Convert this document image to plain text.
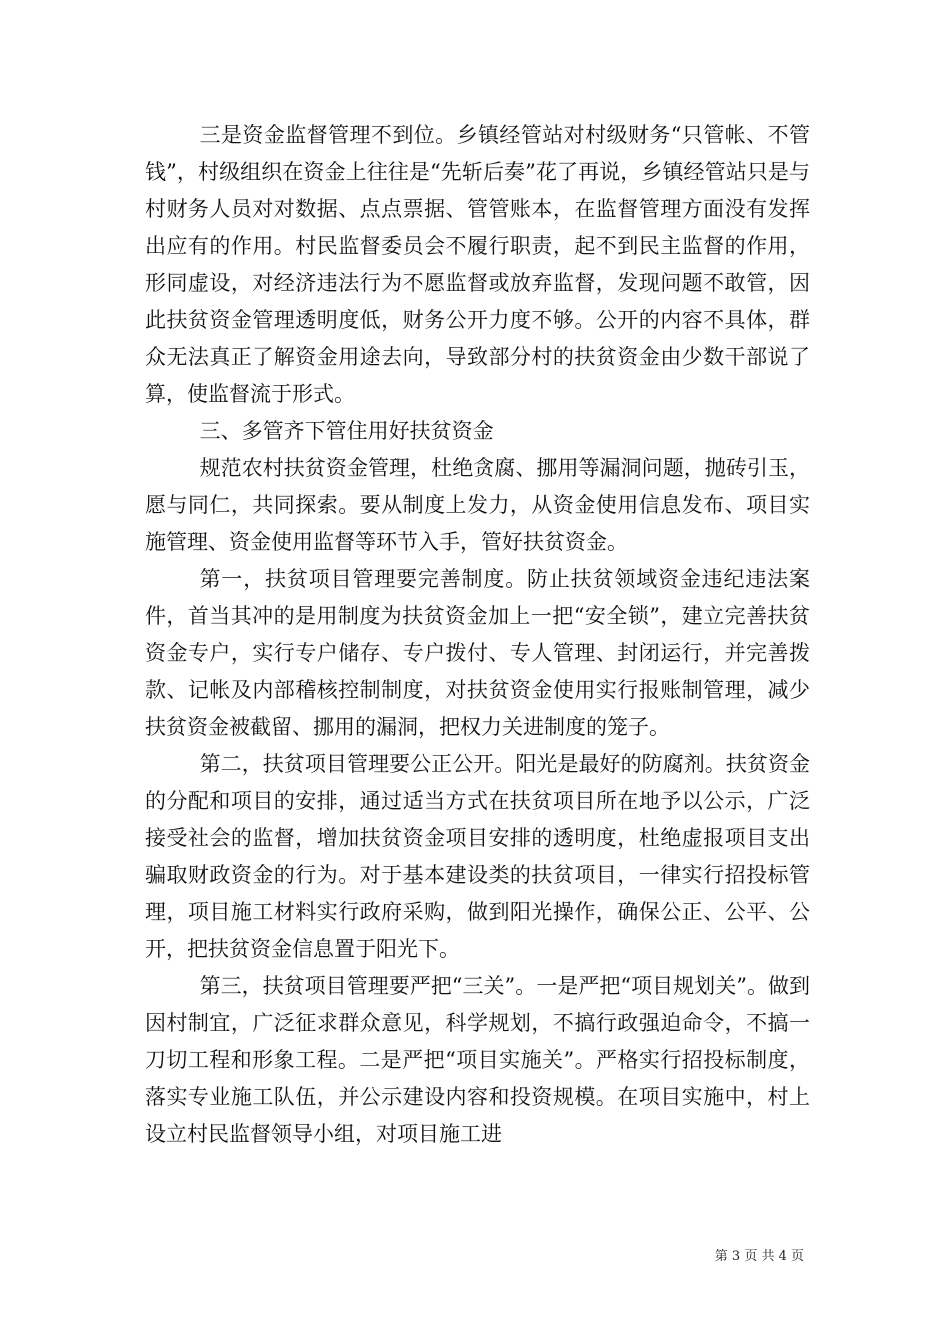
三是资金监督管理不到位。乡镇经管站对村级财务“只管帐、不管钱”，村级组织在资金上往往是“先斩后奏”花了再说，乡镇经管站只是与村财务人员对对数据、点点票据、管管账本，在监督管理方面没有发挥出应有的作用。村民监督委员会不履行职责，起不到民主监督的作用，形同虚设，对经济违法行为不愿监督或放弃监督，发现问题不敢管，因此扶贫资金管理透明度低，财务公开力度不够。公开的内容不具体，群众无法真正了解资金用途去向，导致部分村的扶贫资金由少数干部说了算，使监督流于形式。

三、多管齐下管住用好扶贫资金

规范农村扶贫资金管理，杜绝贪腐、挪用等漏洞问题，抛砖引玉，愿与同仁，共同探索。要从制度上发力，从资金使用信息发布、项目实施管理、资金使用监督等环节入手，管好扶贫资金。

第一，扶贫项目管理要完善制度。防止扶贫领域资金违纪违法案件，首当其冲的是用制度为扶贫资金加上一把“安全锁”，建立完善扶贫资金专户，实行专户储存、专户拨付、专人管理、封闭运行，并完善拨款、记帐及内部稽核控制制度，对扶贫资金使用实行报账制管理，减少扶贫资金被截留、挪用的漏洞，把权力关进制度的笼子。

第二，扶贫项目管理要公正公开。阳光是最好的防腐剂。扶贫资金的分配和项目的安排，通过适当方式在扶贫项目所在地予以公示，广泛接受社会的监督，增加扶贫资金项目安排的透明度，杜绝虚报项目支出骗取财政资金的行为。对于基本建设类的扶贫项目，一律实行招投标管理，项目施工材料实行政府采购，做到阳光操作，确保公正、公平、公开，把扶贫资金信息置于阳光下。

第三，扶贫项目管理要严把“三关”。一是严把“项目规划关”。做到因村制宜，广泛征求群众意见，科学规划，不搞行政强迫命令，不搞一刀切工程和形象工程。二是严把“项目实施关”。严格实行招投标制度，落实专业施工队伍，并公示建设内容和投资规模。在项目实施中，村上设立村民监督领导小组，对项目施工进

第 3 页 共 4 页
